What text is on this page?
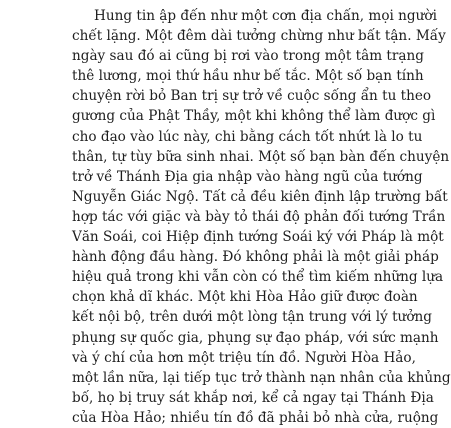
Hung tin ập đến như một cơn địa chấn, mọi người
chết lặng. Một đêm dài tưởng chừng như bất tận. Mấy
ngày sau đó ai cũng bị rơi vào trong một tâm trạng
thê lương, mọi thứ hầu như bế tắc. Một số bạn tính
chuyện rời bỏ Ban trị sự trở về cuộc sống ẩn tu theo
gương của Phật Thầy, một khi không thể làm được gì
cho đạo vào lúc này, chi bằng cách tốt nhứt là lo tu
thân, tự tùy bữa sinh nhai. Một số bạn bàn đến chuyện
trở về Thánh Địa gia nhập vào hàng ngũ của tướng
Nguyễn Giác Ngộ. Tất cả đều kiên định lập trường bất
hợp tác với giặc và bày tỏ thái độ phản đối tướng Trần
Văn Soái, coi Hiệp định tướng Soái ký với Pháp là một
hành động đầu hàng. Đó không phải là một giải pháp
hiệu quả trong khi vẫn còn có thể tìm kiếm những lựa
chọn khả dĩ khác. Một khi Hòa Hảo giữ được đoàn
kết nội bộ, trên dưới một lòng tận trung với lý tưởng
phụng sự quốc gia, phụng sự đạo pháp, với sức mạnh
và ý chí của hơn một triệu tín đồ. Người Hòa Hảo,
một lần nữa, lại tiếp tục trở thành nạn nhân của khủng
bố, họ bị truy sát khắp nơi, kể cả ngay tại Thánh Địa
của Hòa Hảo; nhiều tín đồ đã phải bỏ nhà cửa, ruộng
